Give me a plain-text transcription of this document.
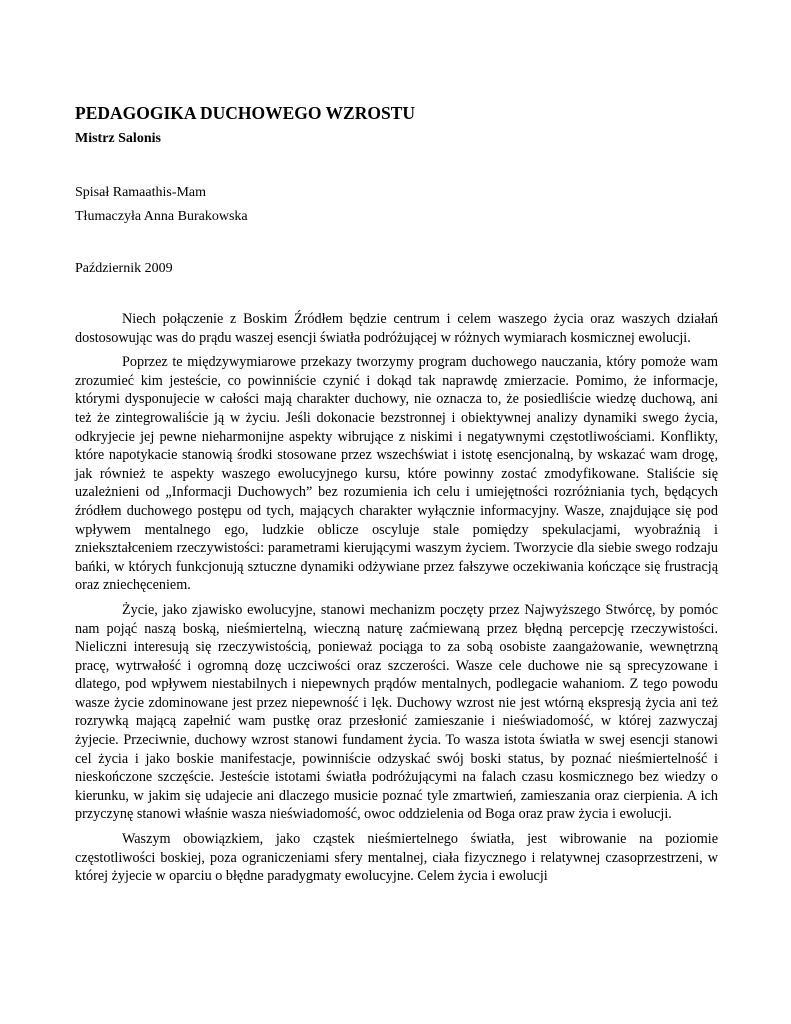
PEDAGOGIKA DUCHOWEGO WZROSTU
Mistrz Salonis
Spisał Ramaathis-Mam
Tłumaczyła Anna Burakowska
Październik 2009

Niech połączenie z Boskim Źródłem będzie centrum i celem waszego życia oraz waszych działań dostosowując was do prądu waszej esencji światła podróżującej w różnych wymiarach kosmicznej ewolucji.

Poprzez te międzywymiarowe przekazy tworzymy program duchowego nauczania, który pomoże wam zrozumieć kim jesteście, co powinniście czynić i dokąd tak naprawdę zmierzacie. Pomimo, że informacje, którymi dysponujecie w całości mają charakter duchowy, nie oznacza to, że posiedliście wiedzę duchową, ani też że zintegrowaliście ją w życiu. Jeśli dokonacie bezstronnej i obiektywnej analizy dynamiki swego życia, odkryjecie jej pewne nieharmonijne aspekty wibrujące z niskimi i negatywnymi częstotliwościami. Konflikty, które napotykacie stanowią środki stosowane przez wszechświat i istotę esencjonalną, by wskazać wam drogę, jak również te aspekty waszego ewolucyjnego kursu, które powinny zostać zmodyfikowane. Staliście się uzależnieni od „Informacji Duchowych” bez rozumienia ich celu i umiejętności rozróżniania tych, będących źródłem duchowego postępu od tych, mających charakter wyłącznie informacyjny. Wasze, znajdujące się pod wpływem mentalnego ego, ludzkie oblicze oscyluje stale pomiędzy spekulacjami, wyobraźnią i zniekształceniem rzeczywistości: parametrami kierującymi waszym życiem. Tworzycie dla siebie swego rodzaju bańki, w których funkcjonują sztuczne dynamiki odżywiane przez fałszywe oczekiwania kończące się frustracją oraz zniechęceniem.

Życie, jako zjawisko ewolucyjne, stanowi mechanizm poczęty przez Najwyższego Stwórcę, by pomóc nam pojąć naszą boską, nieśmiertelną, wieczną naturę zaćmiewaną przez błędną percepcję rzeczywistości. Nieliczni interesują się rzeczywistością, ponieważ pociąga to za sobą osobiste zaangażowanie, wewnętrzną pracę, wytrwałość i ogromną dozę uczciwości oraz szczerości. Wasze cele duchowe nie są sprecyzowane i dlatego, pod wpływem niestabilnych i niepewnych prądów mentalnych, podlegacie wahaniom. Z tego powodu wasze życie zdominowane jest przez niepewność i lęk. Duchowy wzrost nie jest wtórną ekspresją życia ani też rozrywką mającą zapełnić wam pustkę oraz przesłonić zamieszanie i nieświadomość, w której zazwyczaj żyjecie. Przeciwnie, duchowy wzrost stanowi fundament życia. To wasza istota światła w swej esencji stanowi cel życia i jako boskie manifestacje, powinniście odzyskać swój boski status, by poznać nieśmiertelność i nieskończone szczęście. Jesteście istotami światła podróżującymi na falach czasu kosmicznego bez wiedzy o kierunku, w jakim się udajecie ani dlaczego musicie poznać tyle zmartwień, zamieszania oraz cierpienia. A ich przyczynę stanowi właśnie wasza nieświadomość, owoc oddzielenia od Boga oraz praw życia i ewolucji.

Waszym obowiązkiem, jako cząstek nieśmiertelnego światła, jest wibrowanie na poziomie częstotliwości boskiej, poza ograniczeniami sfery mentalnej, ciała fizycznego i relatywnej czasoprzestrzeni, w której żyjecie w oparciu o błędne paradygmaty ewolucyjne. Celem życia i ewolucji
